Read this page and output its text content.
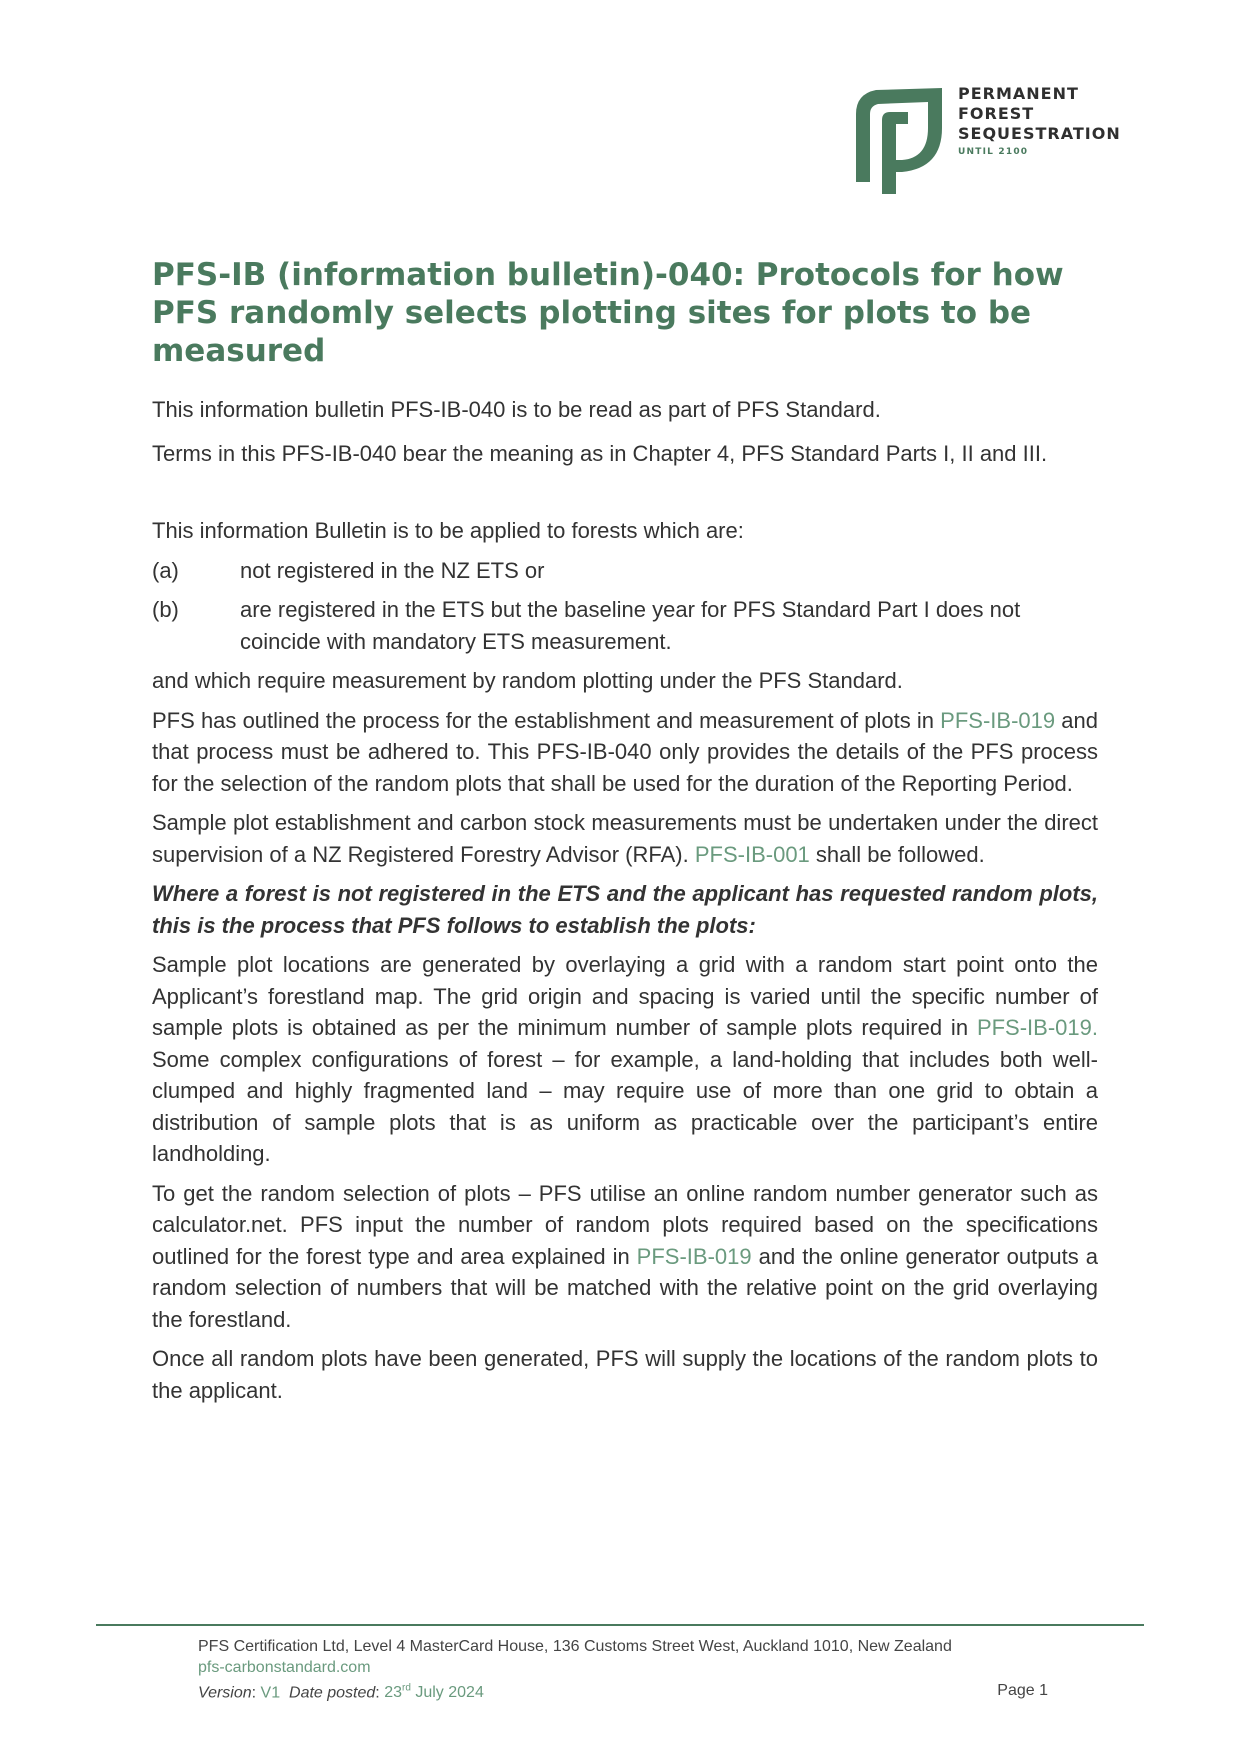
PERMANENT
FOREST
SEQUESTRATION
UNTIL 2100
PFS-IB (information bulletin)-040: Protocols for how PFS randomly selects plotting sites for plots to be measured

This information bulletin PFS-IB-040 is to be read as part of PFS Standard.

Terms in this PFS-IB-040 bear the meaning as in Chapter 4, PFS Standard Parts I, II and III.

This information Bulletin is to be applied to forests which are:

(a)	not registered in the NZ ETS or

(b)	are registered in the ETS but the baseline year for PFS Standard Part I does not coincide with mandatory ETS measurement.

and which require measurement by random plotting under the PFS Standard.

PFS has outlined the process for the establishment and measurement of plots in PFS-IB-019 and that process must be adhered to. This PFS-IB-040 only provides the details of the PFS process for the selection of the random plots that shall be used for the duration of the Reporting Period.

Sample plot establishment and carbon stock measurements must be undertaken under the direct supervision of a NZ Registered Forestry Advisor (RFA). PFS-IB-001 shall be followed.

Where a forest is not registered in the ETS and the applicant has requested random plots, this is the process that PFS follows to establish the plots:

Sample plot locations are generated by overlaying a grid with a random start point onto the Applicant’s forestland map. The grid origin and spacing is varied until the specific number of sample plots is obtained as per the minimum number of sample plots required in PFS-IB-019. Some complex configurations of forest – for example, a land-holding that includes both well-clumped and highly fragmented land – may require use of more than one grid to obtain a distribution of sample plots that is as uniform as practicable over the participant’s entire landholding.

To get the random selection of plots – PFS utilise an online random number generator such as calculator.net. PFS input the number of random plots required based on the specifications outlined for the forest type and area explained in PFS-IB-019 and the online generator outputs a random selection of numbers that will be matched with the relative point on the grid overlaying the forestland.

Once all random plots have been generated, PFS will supply the locations of the random plots to the applicant.

PFS Certification Ltd, Level 4 MasterCard House, 136 Customs Street West, Auckland 1010, New Zealand
pfs-carbonstandard.com
Version: V1 Date posted: 23rd July 2024	Page 1
